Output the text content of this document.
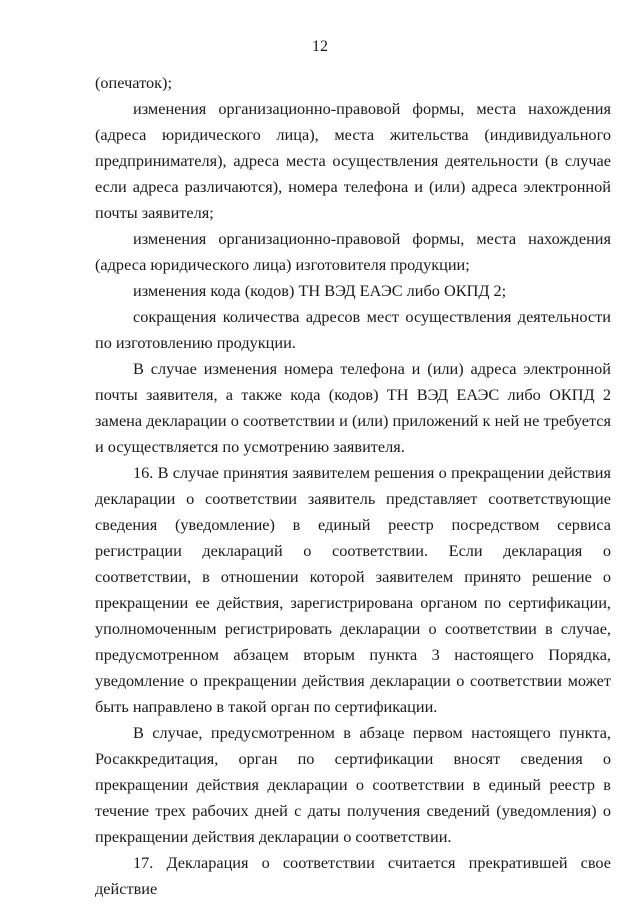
12

(опечаток);

изменения организационно-правовой формы, места нахождения (адреса юридического лица), места жительства (индивидуального предпринимателя), адреса места осуществления деятельности (в случае если адреса различаются), номера телефона и (или) адреса электронной почты заявителя;

изменения организационно-правовой формы, места нахождения (адреса юридического лица) изготовителя продукции;

изменения кода (кодов) ТН ВЭД ЕАЭС либо ОКПД 2;

сокращения количества адресов мест осуществления деятельности по изготовлению продукции.

В случае изменения номера телефона и (или) адреса электронной почты заявителя, а также кода (кодов) ТН ВЭД ЕАЭС либо ОКПД 2 замена декларации о соответствии и (или) приложений к ней не требуется и осуществляется по усмотрению заявителя.

16. В случае принятия заявителем решения о прекращении действия декларации о соответствии заявитель представляет соответствующие сведения (уведомление) в единый реестр посредством сервиса регистрации деклараций о соответствии. Если декларация о соответствии, в отношении которой заявителем принято решение о прекращении ее действия, зарегистрирована органом по сертификации, уполномоченным регистрировать декларации о соответствии в случае, предусмотренном абзацем вторым пункта 3 настоящего Порядка, уведомление о прекращении действия декларации о соответствии может быть направлено в такой орган по сертификации.

В случае, предусмотренном в абзаце первом настоящего пункта, Росаккредитация, орган по сертификации вносят сведения о прекращении действия декларации о соответствии в единый реестр в течение трех рабочих дней с даты получения сведений (уведомления) о прекращении действия декларации о соответствии.

17. Декларация о соответствии считается прекратившей свое действие
